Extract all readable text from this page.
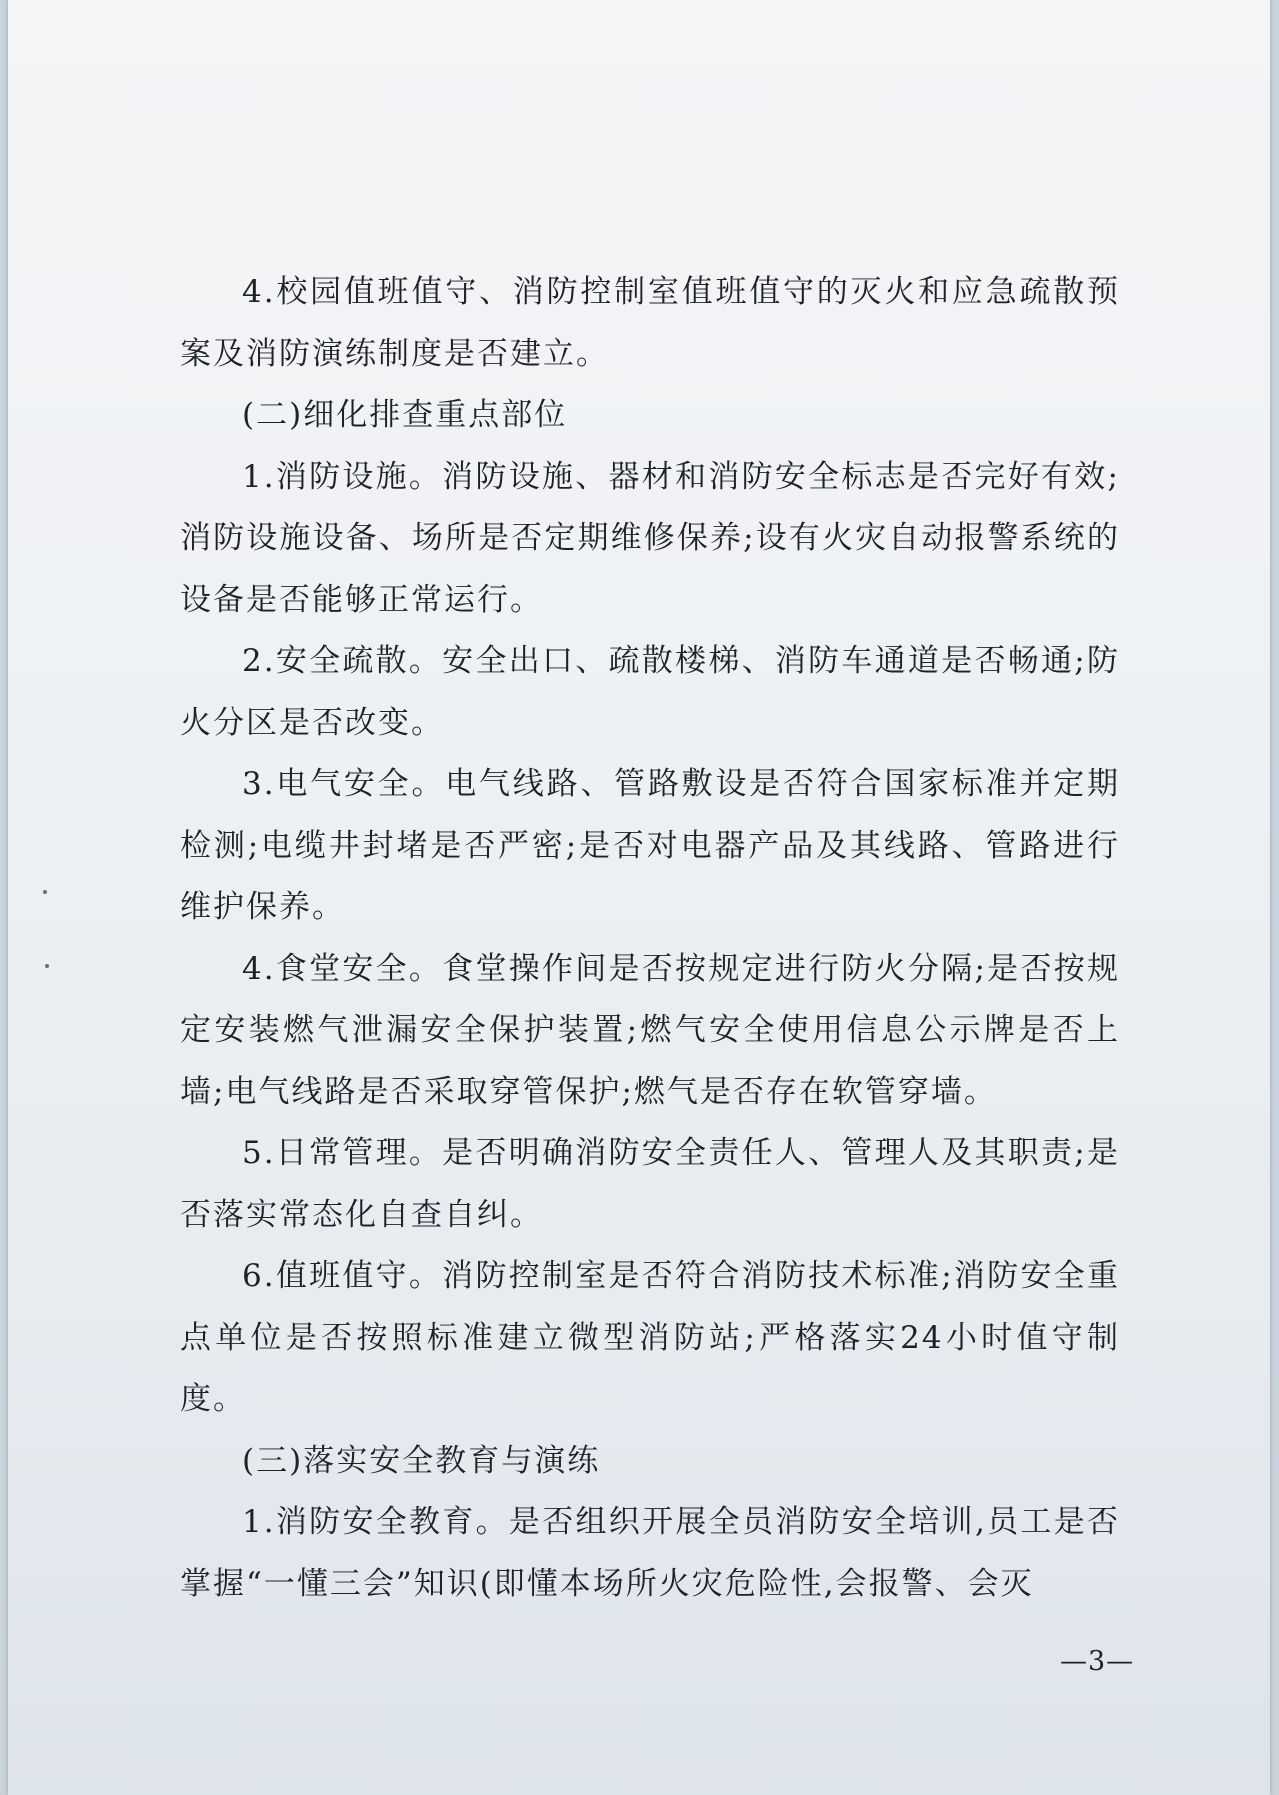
4.校园值班值守、消防控制室值班值守的灭火和应急疏散预案及消防演练制度是否建立。

(二)细化排查重点部位

1.消防设施。消防设施、器材和消防安全标志是否完好有效;消防设施设备、场所是否定期维修保养;设有火灾自动报警系统的设备是否能够正常运行。

2.安全疏散。安全出口、疏散楼梯、消防车通道是否畅通;防火分区是否改变。

3.电气安全。电气线路、管路敷设是否符合国家标准并定期检测;电缆井封堵是否严密;是否对电器产品及其线路、管路进行维护保养。

4.食堂安全。食堂操作间是否按规定进行防火分隔;是否按规定安装燃气泄漏安全保护装置;燃气安全使用信息公示牌是否上墙;电气线路是否采取穿管保护;燃气是否存在软管穿墙。

5.日常管理。是否明确消防安全责任人、管理人及其职责;是否落实常态化自查自纠。

6.值班值守。消防控制室是否符合消防技术标准;消防安全重点单位是否按照标准建立微型消防站;严格落实24小时值守制度。

(三)落实安全教育与演练

1.消防安全教育。是否组织开展全员消防安全培训,员工是否掌握“一懂三会”知识(即懂本场所火灾危险性,会报警、会灭

—3—
